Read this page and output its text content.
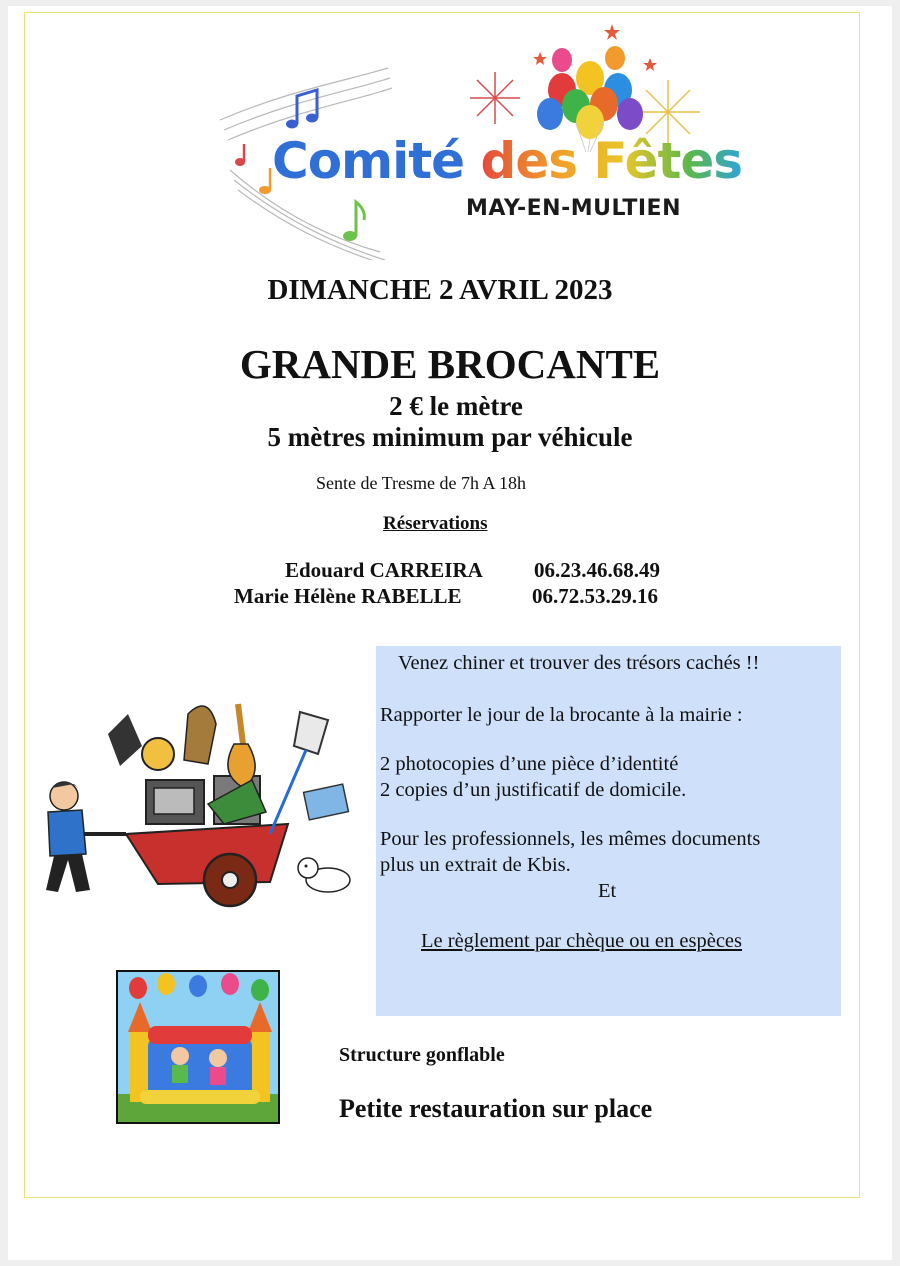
Comité des Fêtes
MAY-EN-MULTIEN
DIMANCHE 2 AVRIL 2023
GRANDE BROCANTE
2 € le mètre
5 mètres minimum par véhicule
Sente de Tresme de 7h A 18h
Réservations
Edouard CARREIRA 06.23.46.68.49
Marie Hélène RABELLE	06.72.53.29.16
Venez chiner et trouver des trésors cachés !!
Rapporter le jour de la brocante à la mairie :
2 photocopies d’une pièce d’identité
2 copies d’un justificatif de domicile.
Pour les professionnels, les mêmes documents
plus un extrait de Kbis.
Et
Le règlement par chèque ou en espèces
Structure gonflable
Petite restauration sur place
